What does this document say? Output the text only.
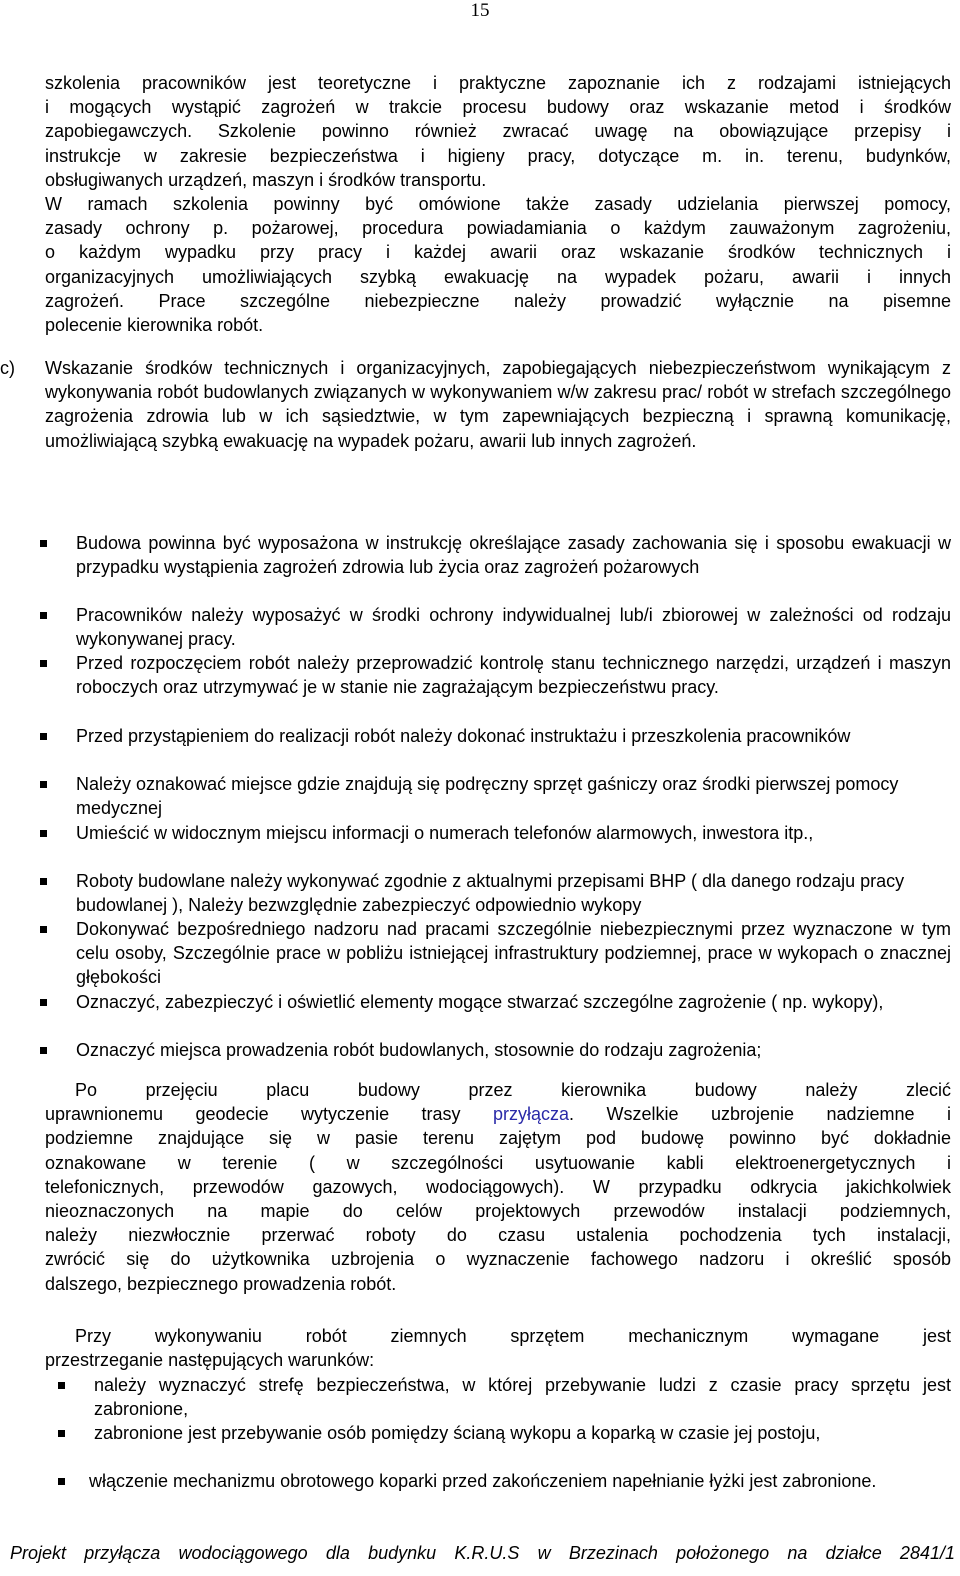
15
szkolenia pracowników jest teoretyczne i praktyczne zapoznanie ich z rodzajami istniejących
i mogących wystąpić zagrożeń w trakcie procesu budowy oraz wskazanie metod i środków
zapobiegawczych. Szkolenie powinno również zwracać uwagę na obowiązujące przepisy i
instrukcje w zakresie bezpieczeństwa i higieny pracy, dotyczące m. in. terenu, budynków,
obsługiwanych urządzeń, maszyn i środków transportu.
W ramach szkolenia powinny być omówione także zasady udzielania pierwszej pomocy,
zasady ochrony p. pożarowej, procedura powiadamiania o każdym zauważonym zagrożeniu,
o każdym wypadku przy pracy i każdej awarii oraz wskazanie środków technicznych i
organizacyjnych umożliwiających szybką ewakuację na wypadek pożaru, awarii i innych
zagrożeń. Prace szczególne niebezpieczne należy prowadzić wyłącznie na pisemne
polecenie kierownika robót.
c) Wskazanie środków technicznych i organizacyjnych, zapobiegających niebezpieczeństwom wynikającym z wykonywania robót budowlanych związanych w wykonywaniem w/w zakresu prac/ robót w strefach szczególnego zagrożenia zdrowia lub w ich sąsiedztwie, w tym zapewniających bezpieczną i sprawną komunikację, umożliwiającą szybką ewakuację na wypadek pożaru, awarii lub innych zagrożeń.
Budowa powinna być wyposażona w instrukcję określające zasady zachowania się i sposobu ewakuacji w przypadku wystąpienia zagrożeń zdrowia lub życia oraz zagrożeń pożarowych
Pracowników należy wyposażyć w środki ochrony indywidualnej lub/i zbiorowej w zależności od rodzaju wykonywanej pracy.
Przed rozpoczęciem robót należy przeprowadzić kontrolę stanu technicznego narzędzi, urządzeń i maszyn roboczych oraz utrzymywać je w stanie nie zagrażającym bezpieczeństwu pracy.
Przed przystąpieniem do realizacji robót należy dokonać instruktażu i przeszkolenia pracowników
Należy oznakować miejsce gdzie znajdują się podręczny sprzęt gaśniczy oraz środki pierwszej pomocy medycznej
Umieścić w widocznym miejscu informacji o numerach telefonów alarmowych, inwestora itp.,
Roboty budowlane należy wykonywać zgodnie z aktualnymi przepisami BHP ( dla danego rodzaju pracy budowlanej ), Należy bezwzględnie zabezpieczyć odpowiednio wykopy
Dokonywać bezpośredniego nadzoru nad pracami szczególnie niebezpiecznymi przez wyznaczone w tym celu osoby, Szczególnie prace w pobliżu istniejącej infrastruktury podziemnej, prace w wykopach o znacznej głębokości
Oznaczyć, zabezpieczyć i oświetlić elementy mogące stwarzać szczególne zagrożenie ( np. wykopy),
Oznaczyć miejsca prowadzenia robót budowlanych, stosownie do rodzaju zagrożenia;
Po przejęciu placu budowy przez kierownika budowy należy zlecić
uprawnionemu geodecie wytyczenie trasy przyłącza. Wszelkie uzbrojenie nadziemne i
podziemne znajdujące się w pasie terenu zajętym pod budowę powinno być dokładnie
oznakowane w terenie ( w szczególności usytuowanie kabli elektroenergetycznych i
telefonicznych, przewodów gazowych, wodociągowych). W przypadku odkrycia jakichkolwiek
nieoznaczonych na mapie do celów projektowych przewodów instalacji podziemnych,
należy niezwłocznie przerwać roboty do czasu ustalenia pochodzenia tych instalacji,
zwrócić się do użytkownika uzbrojenia o wyznaczenie fachowego nadzoru i określić sposób
dalszego, bezpiecznego prowadzenia robót.
Przy wykonywaniu robót ziemnych sprzętem mechanicznym wymagane jest
przestrzeganie następujących warunków:
należy wyznaczyć strefę bezpieczeństwa, w której przebywanie ludzi z czasie pracy sprzętu jest zabronione,
zabronione jest przebywanie osób pomiędzy ścianą wykopu a koparką w czasie jej postoju,
włączenie mechanizmu obrotowego koparki przed zakończeniem napełnianie łyżki jest zabronione.
Projekt przyłącza wodociągowego dla budynku K.R.U.S w Brzezinach położonego na działce 2841/1
